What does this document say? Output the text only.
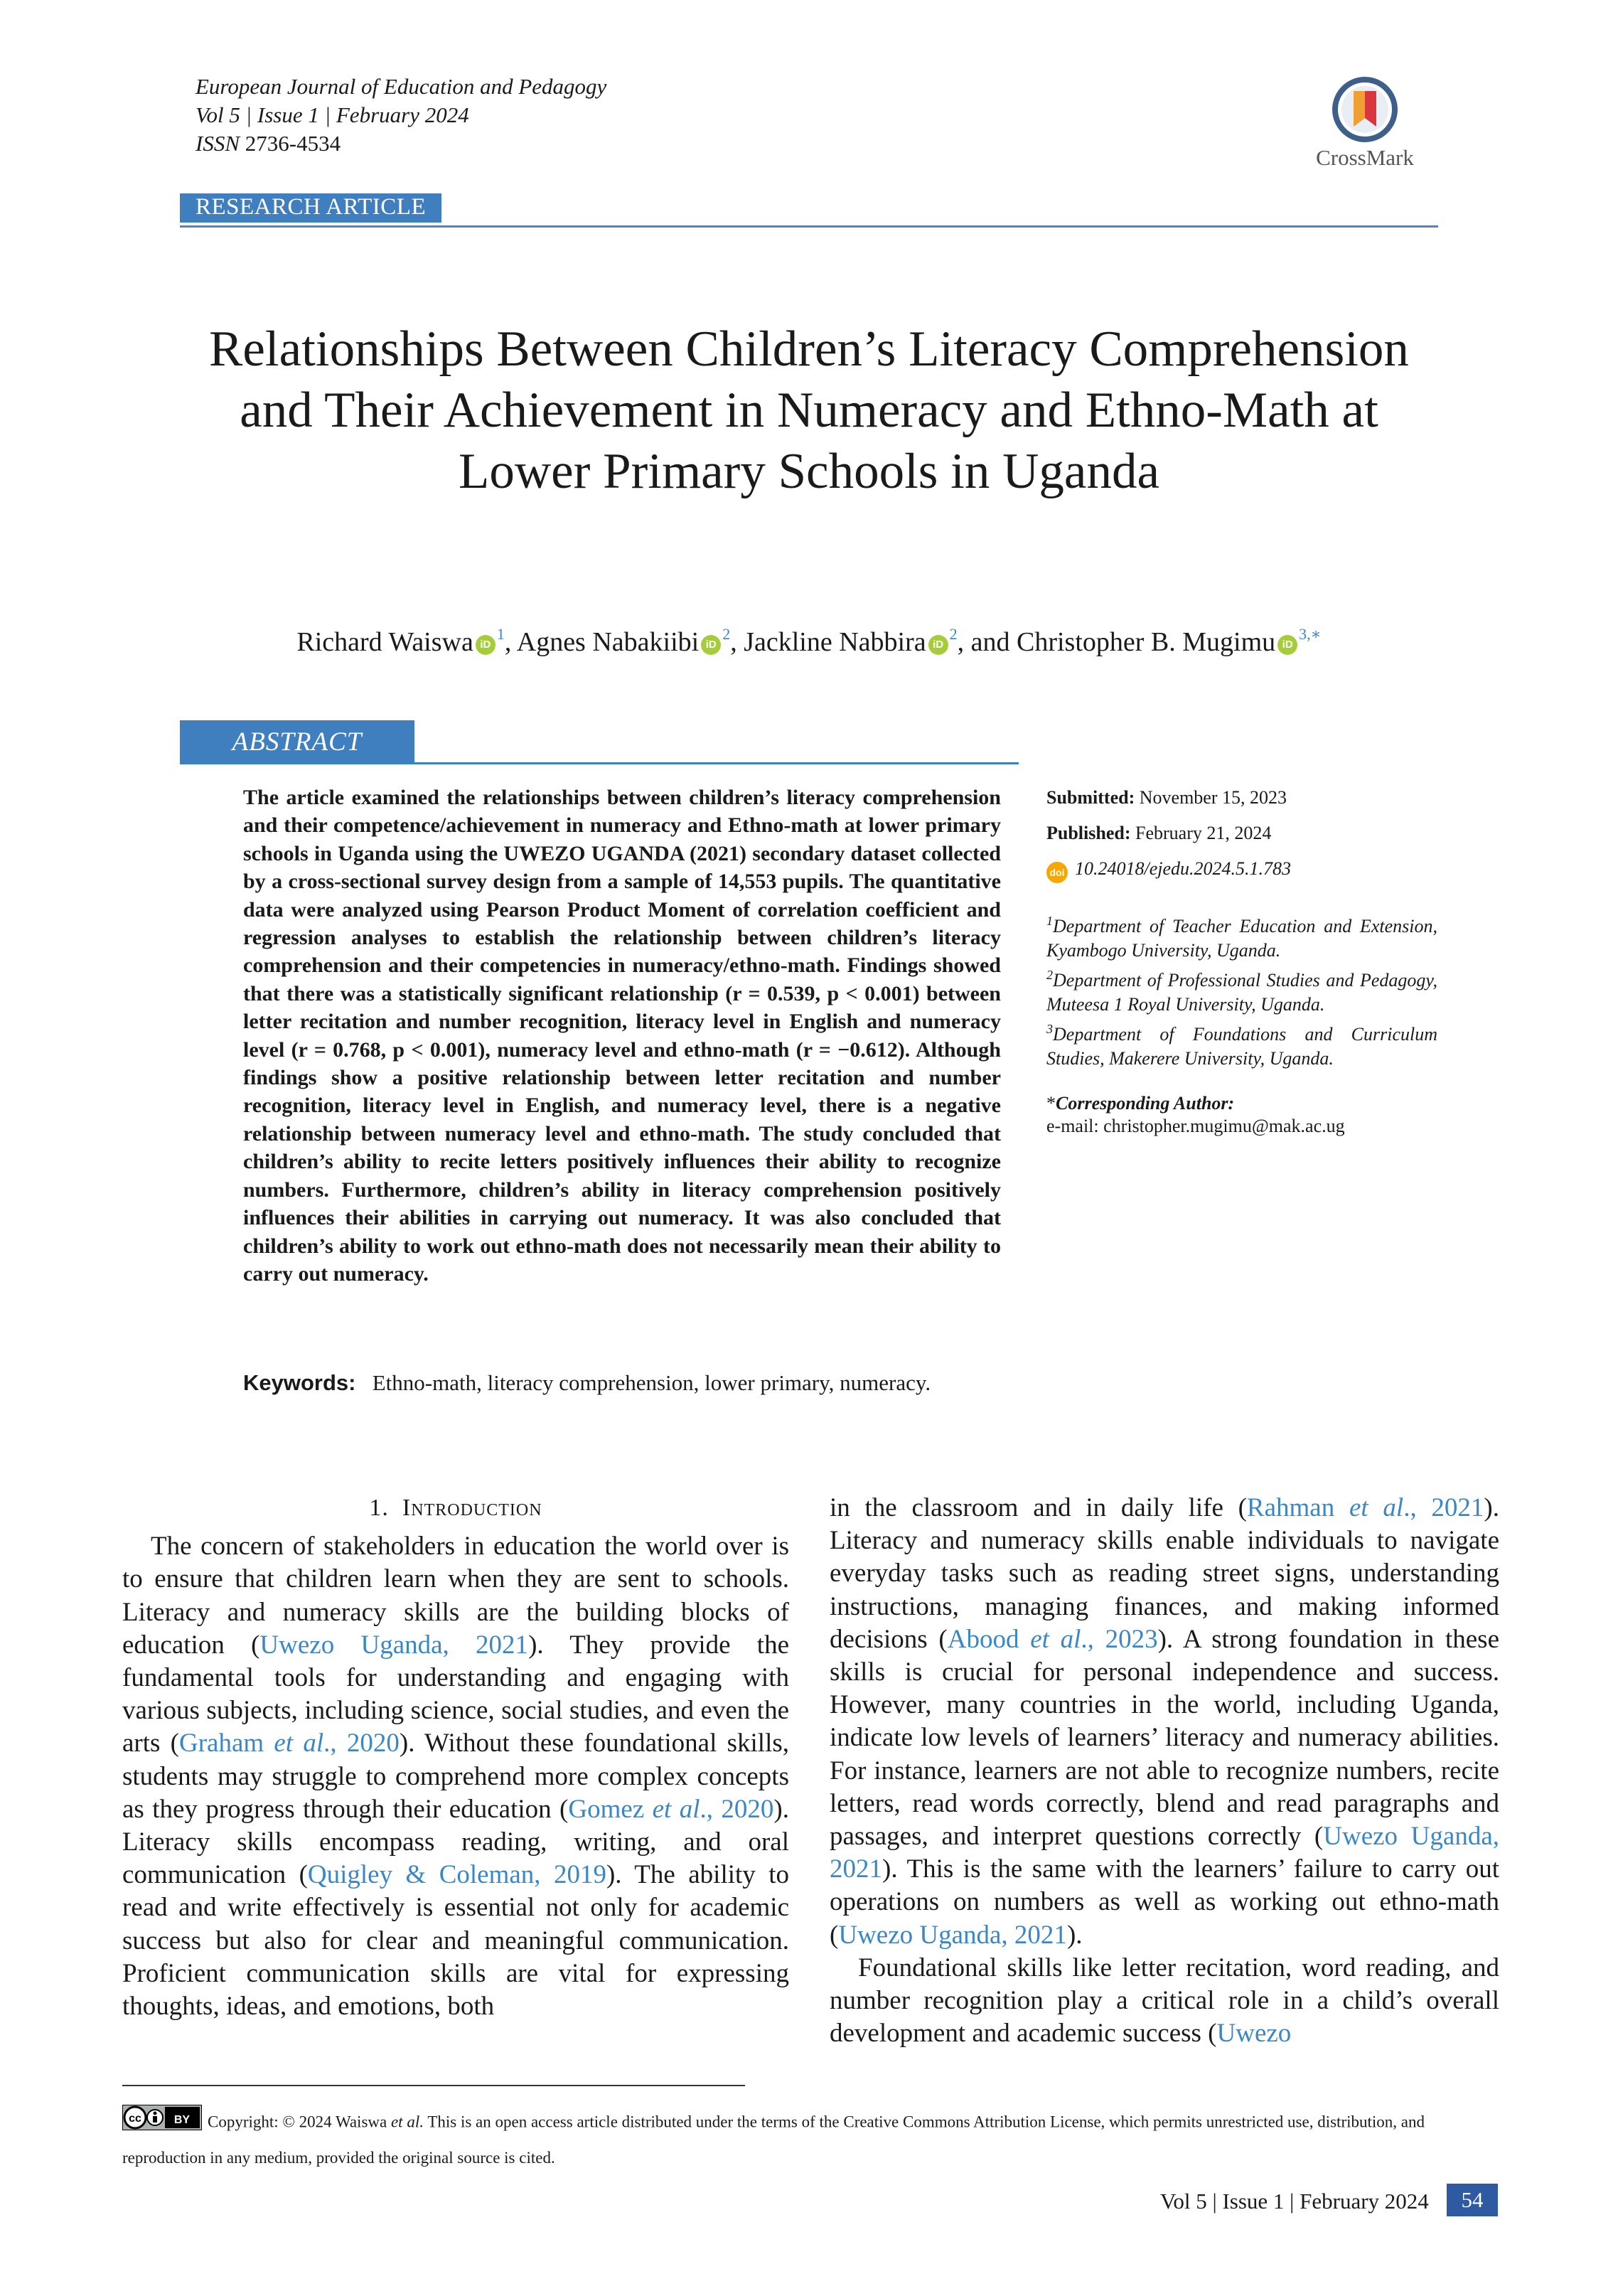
European Journal of Education and Pedagogy
Vol 5 | Issue 1 | February 2024
ISSN 2736-4534
CrossMark
RESEARCH ARTICLE
Relationships Between Children’s Literacy Comprehension and Their Achievement in Numeracy and Ethno-Math at Lower Primary Schools in Uganda
Richard Waiswa $iD^1$, Agnes Nabakiibi $iD^2$, Jackline Nabbira $iD^2$, and Christopher B. Mugimu $iD^{3,∗}$
ABSTRACT
The article examined the relationships between children’s literacy comprehension and their competence/achievement in numeracy and Ethno-math at lower primary schools in Uganda using the UWEZO UGANDA (2021) secondary dataset collected by a cross-sectional survey design from a sample of 14,553 pupils. The quantitative data were analyzed using Pearson Product Moment of correlation coefficient and regression analyses to establish the relationship between children’s literacy comprehension and their competencies in numeracy/ethno-math. Findings showed that there was a statistically significant relationship (r = 0.539, p < 0.001) between letter recitation and number recognition, literacy level in English and numeracy level (r = 0.768, p < 0.001), numeracy level and ethno-math (r = −0.612). Although findings show a positive relationship between letter recitation and number recognition, literacy level in English, and numeracy level, there is a negative relationship between numeracy level and ethno-math. The study concluded that children’s ability to recite letters positively influences their ability to recognize numbers. Furthermore, children’s ability in literacy comprehension positively influences their abilities in carrying out numeracy. It was also concluded that children’s ability to work out ethno-math does not necessarily mean their ability to carry out numeracy.
Keywords: Ethno-math, literacy comprehension, lower primary, numeracy.
Submitted: November 15, 2023
Published: February 21, 2024
doi 10.24018/ejedu.2024.5.1.783
$^1$Department of Teacher Education and Extension, Kyambogo University, Uganda.
$^2$Department of Professional Studies and Pedagogy, Muteesa 1 Royal University, Uganda.
$^3$Department of Foundations and Curriculum Studies, Makerere University, Uganda.
*Corresponding Author:
e-mail: christopher.mugimu@mak.ac.ug
1. Introduction
The concern of stakeholders in education the world over is to ensure that children learn when they are sent to schools. Literacy and numeracy skills are the building blocks of education (Uwezo Uganda, 2021). They provide the fundamental tools for understanding and engaging with various subjects, including science, social studies, and even the arts (Graham et al., 2020). Without these foundational skills, students may struggle to comprehend more complex concepts as they progress through their education (Gomez et al., 2020). Literacy skills encompass reading, writing, and oral communication (Quigley & Coleman, 2019). The ability to read and write effectively is essential not only for academic success but also for clear and meaningful communication. Proficient communication skills are vital for expressing thoughts, ideas, and emotions, both
in the classroom and in daily life (Rahman et al., 2021). Literacy and numeracy skills enable individuals to navigate everyday tasks such as reading street signs, understanding instructions, managing finances, and making informed decisions (Abood et al., 2023). A strong foundation in these skills is crucial for personal independence and success. However, many countries in the world, including Uganda, indicate low levels of learners’ literacy and numeracy abilities. For instance, learners are not able to recognize numbers, recite letters, read words correctly, blend and read paragraphs and passages, and interpret questions correctly (Uwezo Uganda, 2021). This is the same with the learners’ failure to carry out operations on numbers as well as working out ethno-math (Uwezo Uganda, 2021).
Foundational skills like letter recitation, word reading, and number recognition play a critical role in a child’s overall development and academic success (Uwezo
cc	BY Copyright: © 2024 Waiswa et al. This is an open access article distributed under the terms of the Creative Commons Attribution License, which permits unrestricted use, distribution, and reproduction in any medium, provided the original source is cited.
Vol 5 | Issue 1 | February 2024	54
